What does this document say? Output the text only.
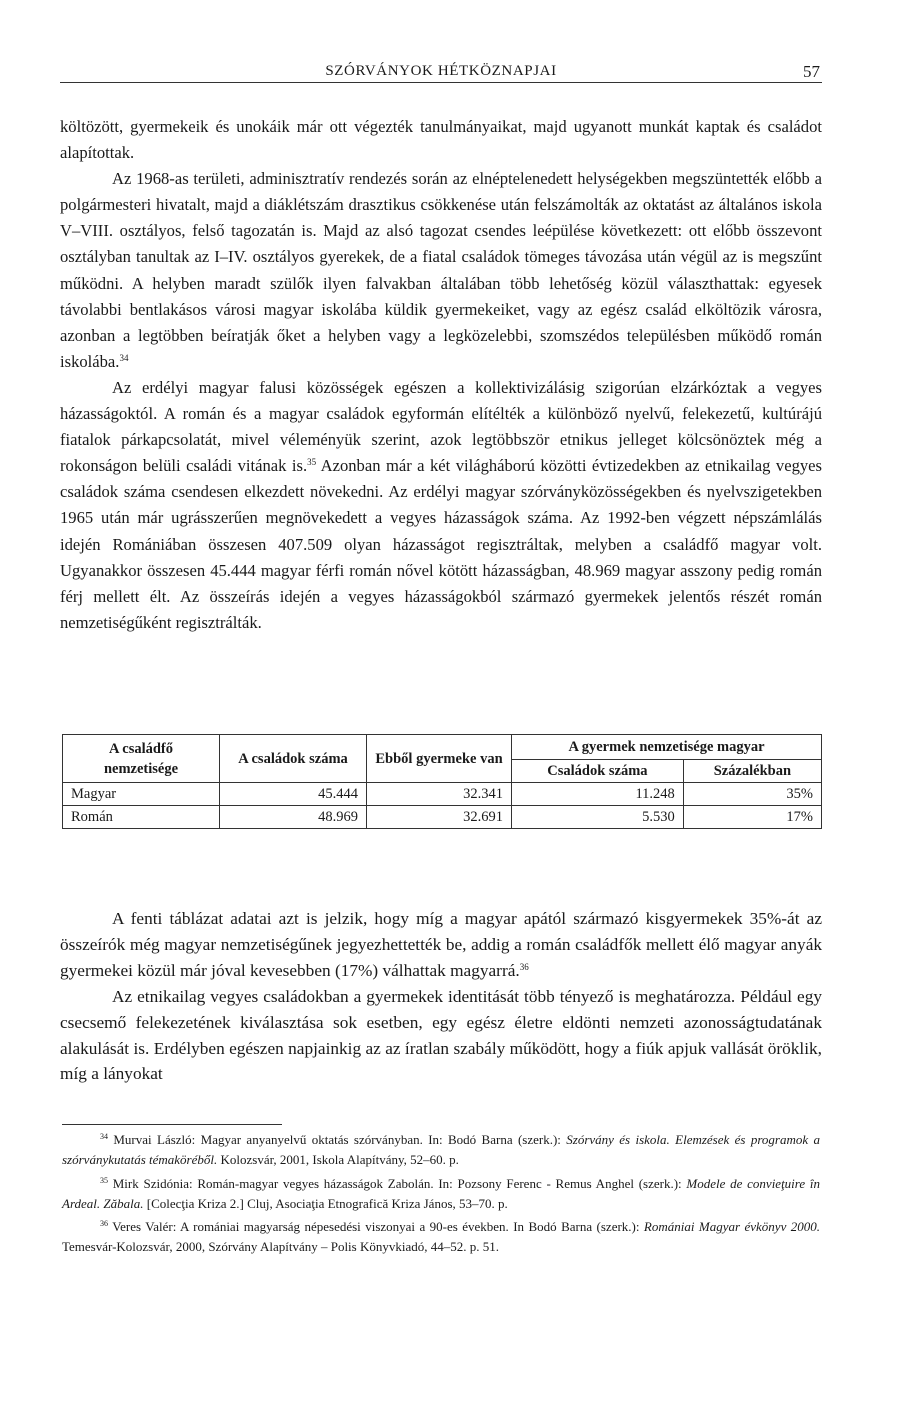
SZÓRVÁNYOK HÉTKÖZNAPJAI	57

költözött, gyermekeik és unokáik már ott végezték tanulmányaikat, majd ugyanott munkát kaptak és családot alapítottak.

Az 1968-as területi, adminisztratív rendezés során az elnéptelenedett helységekben megszüntették előbb a polgármesteri hivatalt, majd a diáklétszám drasztikus csökkenése után felszámolták az oktatást az általános iskola V–VIII. osztályos, felső tagozatán is. Majd az alsó tagozat csendes leépülése következett: ott előbb összevont osztályban tanultak az I–IV. osztályos gyerekek, de a fiatal családok tömeges távozása után végül az is megszűnt működni. A helyben maradt szülők ilyen falvakban általában több lehetőség közül választhattak: egyesek távolabbi bentlakásos városi magyar iskolába küldik gyermekeiket, vagy az egész család elköltözik városra, azonban a legtöbben beíratják őket a helyben vagy a legközelebbi, szomszédos településben működő román iskolába.$^{34}$

Az erdélyi magyar falusi közösségek egészen a kollektivizálásig szigorúan elzárkóztak a vegyes házasságoktól. A román és a magyar családok egyformán elítélték a különböző nyelvű, felekezetű, kultúrájú fiatalok párkapcsolatát, mivel véleményük szerint, azok legtöbbször etnikus jelleget kölcsönöztek még a rokonságon belüli családi vitának is.$^{35}$ Azonban már a két világháború közötti évtizedekben az etnikailag vegyes családok száma csendesen elkezdett növekedni. Az erdélyi magyar szórványközösségekben és nyelvszigetekben 1965 után már ugrásszerűen megnövekedett a vegyes házasságok száma. Az 1992-ben végzett népszámlálás idején Romániában összesen 407.509 olyan házasságot regisztráltak, melyben a családfő magyar volt. Ugyanakkor összesen 45.444 magyar férfi román nővel kötött házasságban, 48.969 magyar asszony pedig román férj mellett élt. Az összeírás idején a vegyes házasságokból származó gyermekek jelentős részét román nemzetiségűként regisztrálták.

A családfő nemzetisége	A családok száma	Ebből gyermeke van	A gyermek nemzetisége magyar	
			Családok száma	Százalékban
Magyar	45.444	32.341	11.248	35%
Román	48.969	32.691	5.530	17%

A fenti táblázat adatai azt is jelzik, hogy míg a magyar apától származó kisgyermekek 35%-át az összeírók még magyar nemzetiségűnek jegyezhettették be, addig a román családfők mellett élő magyar anyák gyermekei közül már jóval kevesebben (17%) válhattak magyarrá.$^{36}$

Az etnikailag vegyes családokban a gyermekek identitását több tényező is meghatározza. Például egy csecsemő felekezetének kiválasztása sok esetben, egy egész életre eldönti nemzeti azonosságtudatának alakulását is. Erdélyben egészen napjainkig az az íratlan szabály működött, hogy a fiúk apjuk vallását öröklik, míg a lányokat

$^{34}$ Murvai László: Magyar anyanyelvű oktatás szórványban. In: Bodó Barna (szerk.): Szórvány és iskola. Elemzések és programok a szórványkutatás témaköréből. Kolozsvár, 2001, Iskola Alapítvány, 52–60. p.

$^{35}$ Mirk Szidónia: Román-magyar vegyes házasságok Zabolán. In: Pozsony Ferenc - Remus Anghel (szerk.): Modele de convieţuire în Ardeal. Zăbala. [Colecţia Kriza 2.] Cluj, Asociaţia Etnografică Kriza János, 53–70. p.

$^{36}$ Veres Valér: A romániai magyarság népesedési viszonyai a 90-es években. In Bodó Barna (szerk.): Romániai Magyar évkönyv 2000. Temesvár-Kolozsvár, 2000, Szórvány Alapítvány – Polis Könyvkiadó, 44–52. p. 51.
